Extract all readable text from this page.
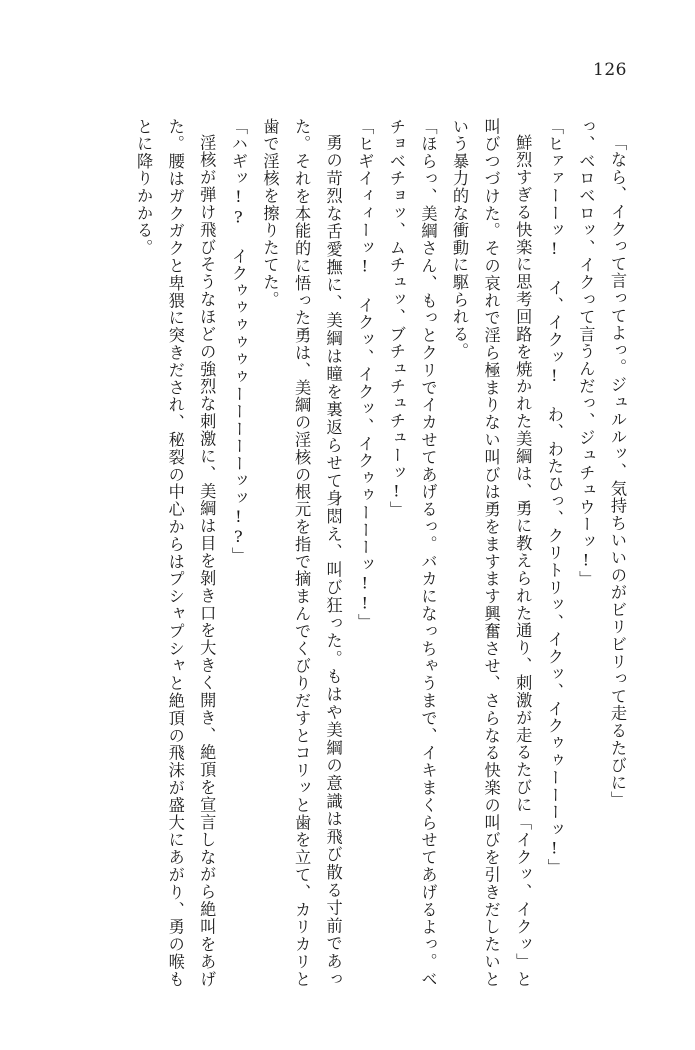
126

「なら、イクって言ってよっ。ジュルルッ、気持ちいいのがビリビリって走るたびに」

っ、ベロベロッ、イクって言うんだっ、ジュチュウーッ!」

「ヒァァーーッ! イ、イクッ! わ、わたひっ、クリトリッ、イクッ、イクゥゥーーーッ!」

鮮烈すぎる快楽に思考回路を焼かれた美綱は、勇に教えられた通り、刺激が走るたびに「イクッ、イクッ」と叫びつづけた。その哀れで淫ら極まりない叫びは勇をますます興奮させ、さらなる快楽の叫びを引きだしたいという暴力的な衝動に駆られる。

「ほらっ、美綱さん、もっとクリでイカせてあげるっ。バカになっちゃうまで、イキまくらせてあげるよっ。ベチョベチョッ、ムチュッ、ブチュチュチューッ!」

「ヒギイィィーッ! イクッ、イクッ、イクゥゥーーーッ!!」

勇の苛烈な舌愛撫に、美綱は瞳を裏返らせて身悶え、叫び狂った。もはや美綱の意識は飛び散る寸前であった。それを本能的に悟った勇は、美綱の淫核の根元を指で摘まんでくびりだすとコリッと歯を立て、カリカリと歯で淫核を擦りたてた。

「ハギッ!? イクゥゥゥゥゥゥーーーーーッッ!?」

淫核が弾け飛びそうなほどの強烈な刺激に、美綱は目を剝き口を大きく開き、絶頂を宣言しながら絶叫をあげた。腰はガクガクと卑猥に突きだされ、秘裂の中心からはプシャプシャと絶頂の飛沫が盛大にあがり、勇の喉もとに降りかかる。
